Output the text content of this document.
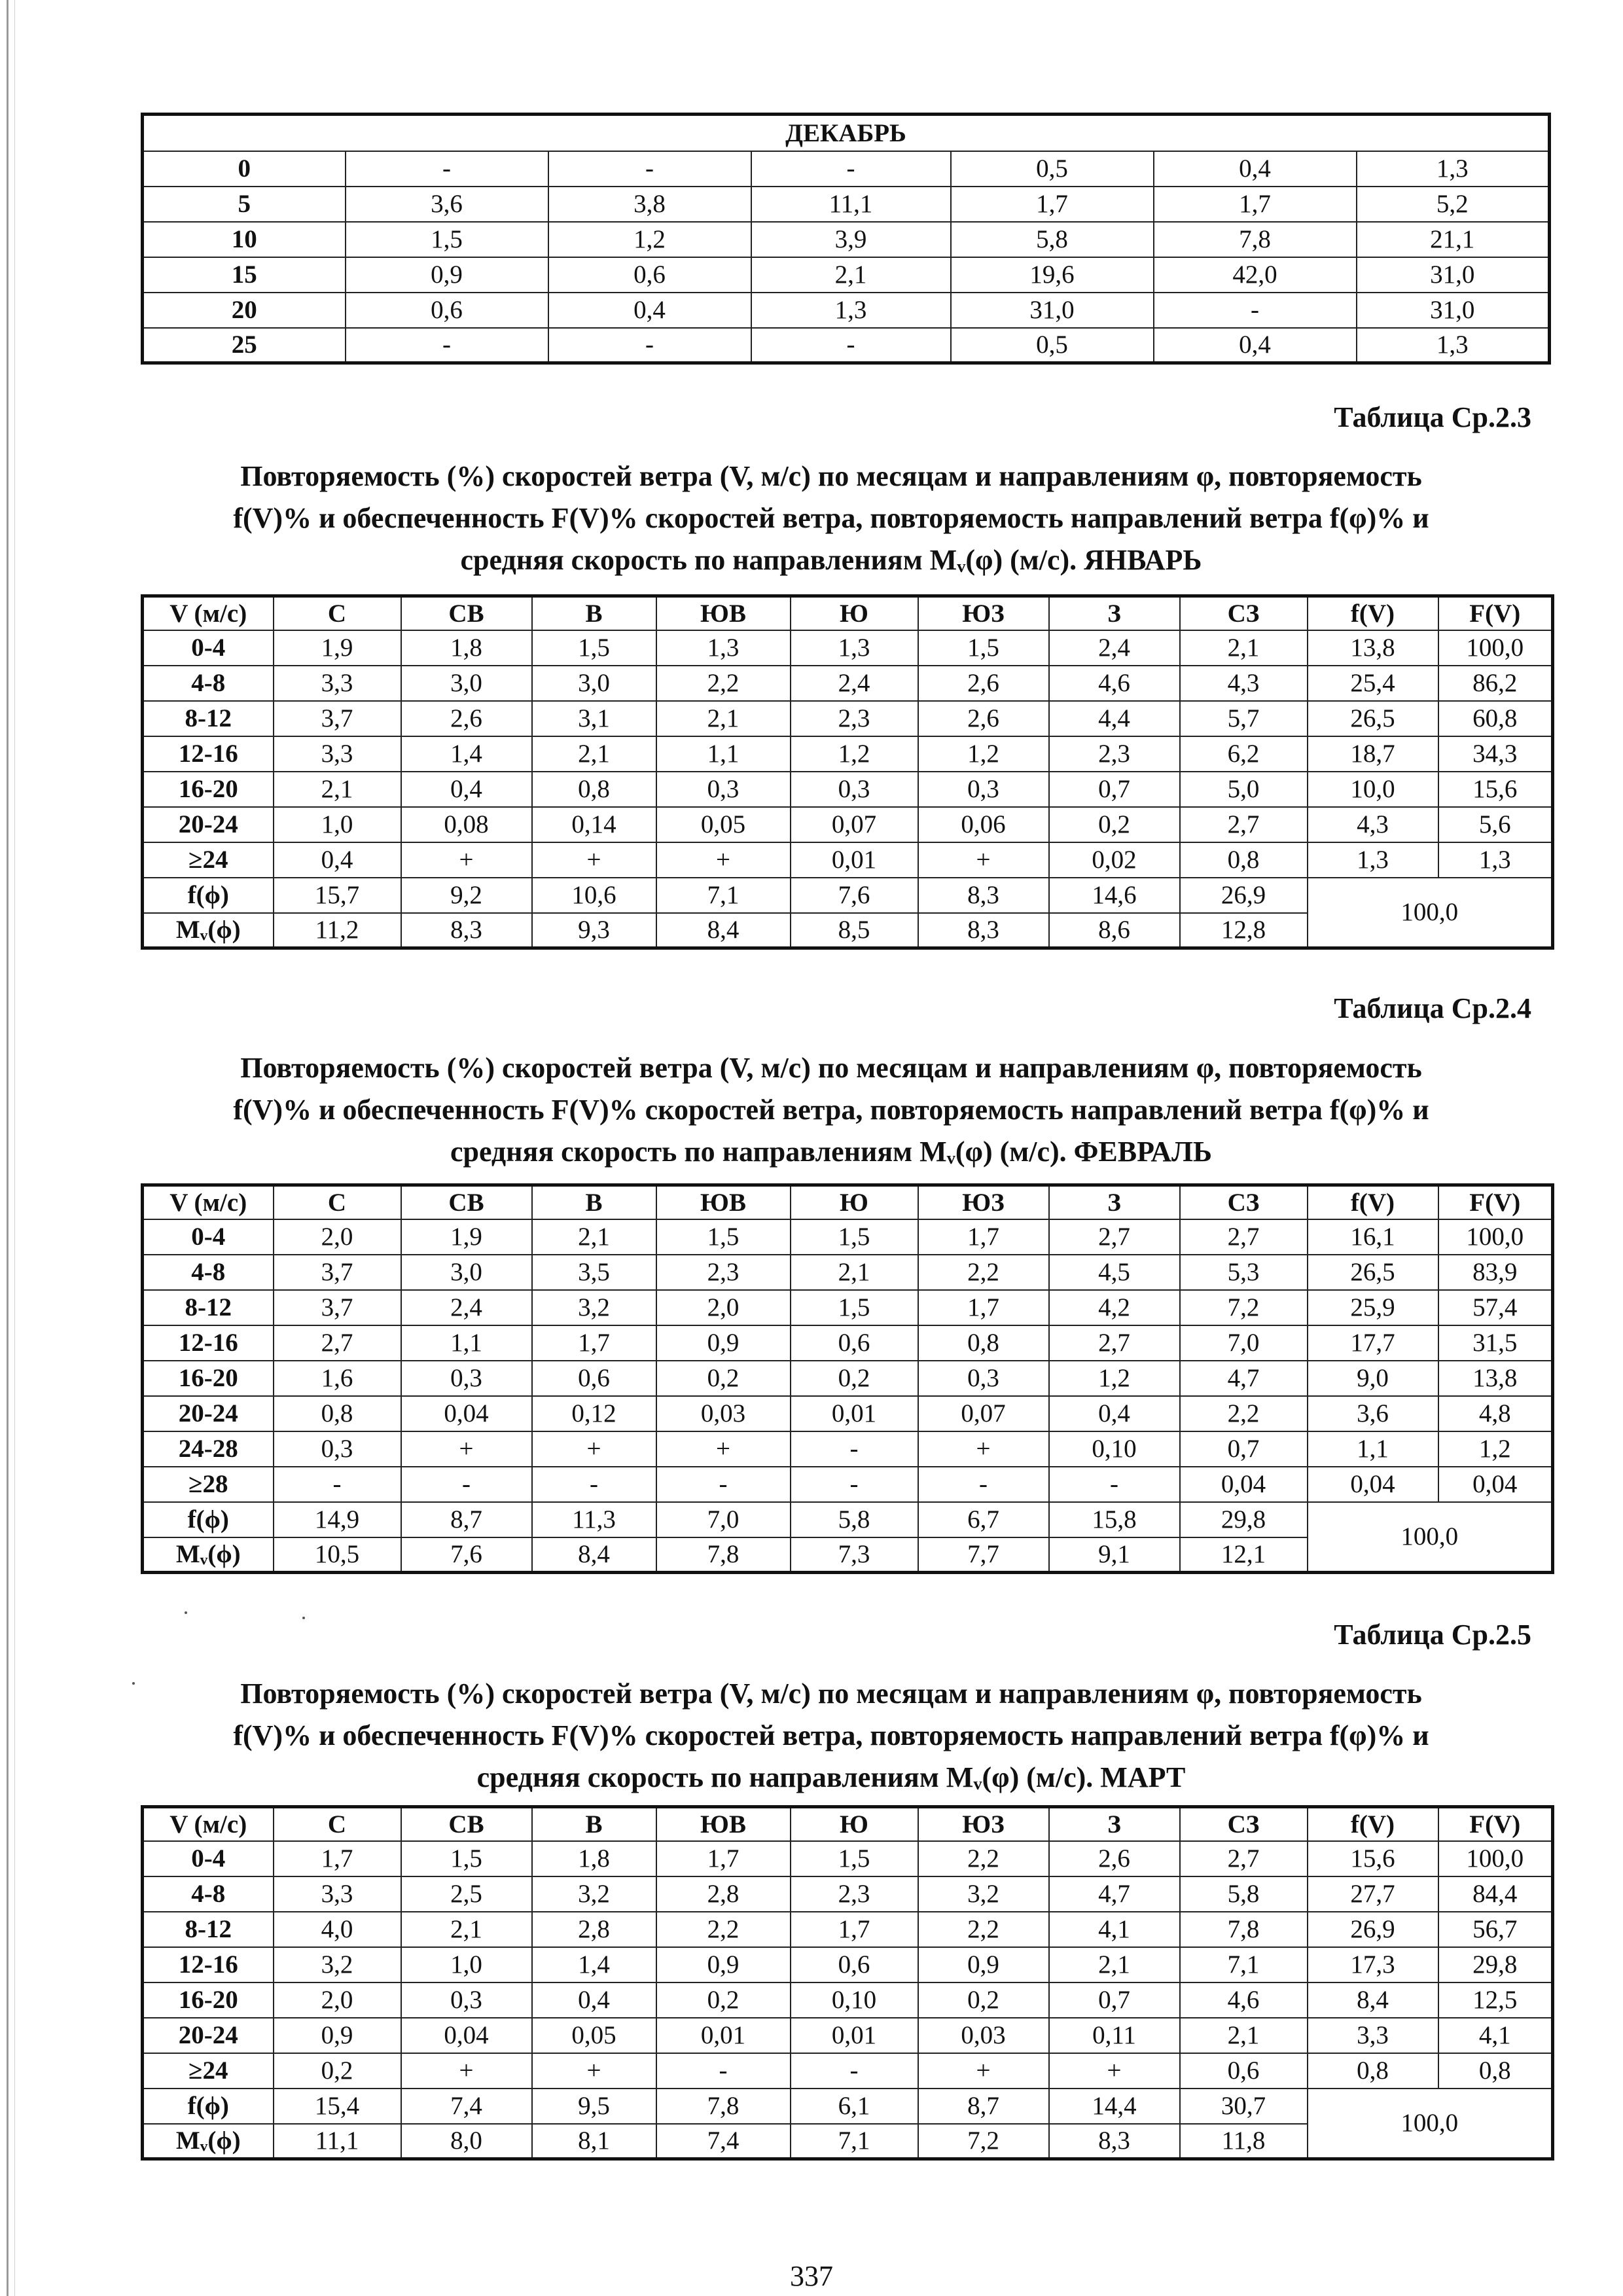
ДЕКАБРЬ						
0	-	-	-	0,5	0,4	1,3
5	3,6	3,8	11,1	1,7	1,7	5,2
10	1,5	1,2	3,9	5,8	7,8	21,1
15	0,9	0,6	2,1	19,6	42,0	31,0
20	0,6	0,4	1,3	31,0	-	31,0
25	-	-	-	0,5	0,4	1,3
Таблица Ср.2.3
Повторяемость (%) скоростей ветра (V, м/с) по месяцам и направлениям φ, повторяемость
f(V)% и обеспеченность F(V)% скоростей ветра, повторяемость направлений ветра f(φ)% и
средняя скорость по направлениям Mᵥ(φ) (м/с). ЯНВАРЬ
V (м/с)	С	СВ	В	ЮВ	Ю	ЮЗ	З	СЗ	f(V)	F(V)
0-4	1,9	1,8	1,5	1,3	1,3	1,5	2,4	2,1	13,8	100,0
4-8	3,3	3,0	3,0	2,2	2,4	2,6	4,6	4,3	25,4	86,2
8-12	3,7	2,6	3,1	2,1	2,3	2,6	4,4	5,7	26,5	60,8
12-16	3,3	1,4	2,1	1,1	1,2	1,2	2,3	6,2	18,7	34,3
16-20	2,1	0,4	0,8	0,3	0,3	0,3	0,7	5,0	10,0	15,6
20-24	1,0	0,08	0,14	0,05	0,07	0,06	0,2	2,7	4,3	5,6
≥24	0,4	+	+	+	0,01	+	0,02	0,8	1,3	1,3
f(ϕ)	15,7	9,2	10,6	7,1	7,6	8,3	14,6	26,9	100,0	
Mᵥ(ϕ)	11,2	8,3	9,3	8,4	8,5	8,3	8,6	12,8		
Таблица Ср.2.4
Повторяемость (%) скоростей ветра (V, м/с) по месяцам и направлениям φ, повторяемость
f(V)% и обеспеченность F(V)% скоростей ветра, повторяемость направлений ветра f(φ)% и
средняя скорость по направлениям Mᵥ(φ) (м/с). ФЕВРАЛЬ
V (м/с)	С	СВ	В	ЮВ	Ю	ЮЗ	З	СЗ	f(V)	F(V)
0-4	2,0	1,9	2,1	1,5	1,5	1,7	2,7	2,7	16,1	100,0
4-8	3,7	3,0	3,5	2,3	2,1	2,2	4,5	5,3	26,5	83,9
8-12	3,7	2,4	3,2	2,0	1,5	1,7	4,2	7,2	25,9	57,4
12-16	2,7	1,1	1,7	0,9	0,6	0,8	2,7	7,0	17,7	31,5
16-20	1,6	0,3	0,6	0,2	0,2	0,3	1,2	4,7	9,0	13,8
20-24	0,8	0,04	0,12	0,03	0,01	0,07	0,4	2,2	3,6	4,8
24-28	0,3	+	+	+	-	+	0,10	0,7	1,1	1,2
≥28	-	-	-	-	-	-	-	0,04	0,04	0,04
f(ϕ)	14,9	8,7	11,3	7,0	5,8	6,7	15,8	29,8	100,0	
Mᵥ(ϕ)	10,5	7,6	8,4	7,8	7,3	7,7	9,1	12,1		
Таблица Ср.2.5
Повторяемость (%) скоростей ветра (V, м/с) по месяцам и направлениям φ, повторяемость
f(V)% и обеспеченность F(V)% скоростей ветра, повторяемость направлений ветра f(φ)% и
средняя скорость по направлениям Mᵥ(φ) (м/с). МАРТ
V (м/с)	С	СВ	В	ЮВ	Ю	ЮЗ	З	СЗ	f(V)	F(V)
0-4	1,7	1,5	1,8	1,7	1,5	2,2	2,6	2,7	15,6	100,0
4-8	3,3	2,5	3,2	2,8	2,3	3,2	4,7	5,8	27,7	84,4
8-12	4,0	2,1	2,8	2,2	1,7	2,2	4,1	7,8	26,9	56,7
12-16	3,2	1,0	1,4	0,9	0,6	0,9	2,1	7,1	17,3	29,8
16-20	2,0	0,3	0,4	0,2	0,10	0,2	0,7	4,6	8,4	12,5
20-24	0,9	0,04	0,05	0,01	0,01	0,03	0,11	2,1	3,3	4,1
≥24	0,2	+	+	-	-	+	+	0,6	0,8	0,8
f(ϕ)	15,4	7,4	9,5	7,8	6,1	8,7	14,4	30,7	100,0	
Mᵥ(ϕ)	11,1	8,0	8,1	7,4	7,1	7,2	8,3	11,8		
337
